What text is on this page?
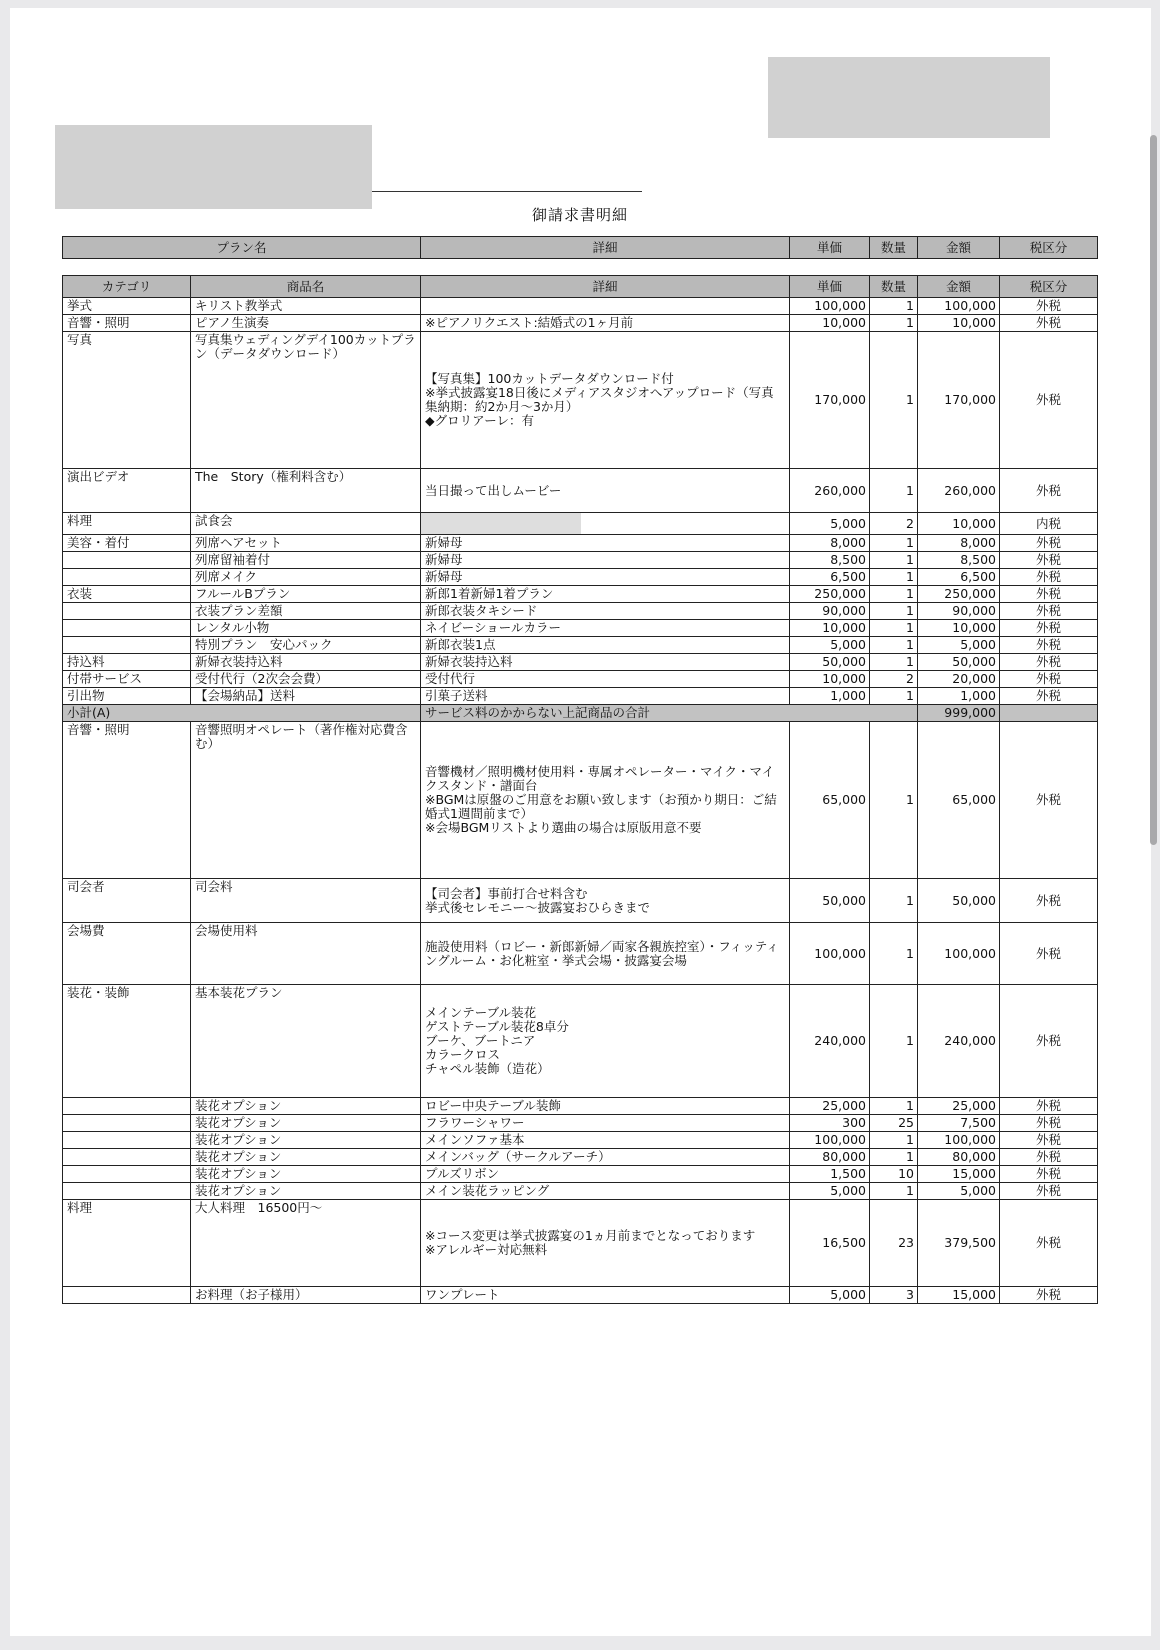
御請求書明細
プラン名	詳細	単価	数量	金額	税区分
カテゴリ	商品名	詳細	単価	数量	金額	税区分
挙式	キリスト教挙式		100,000	1	100,000	外税
音響・照明	ピアノ生演奏	※ピアノリクエスト:結婚式の1ヶ月前	10,000	1	10,000	外税
写真	写真集ウェディングデイ100カットプラン（データダウンロード）	【写真集】100カットデータダウンロード付
※挙式披露宴18日後にメディアスタジオへアップロード（写真集納期：約2か月〜3か月）
◆グロリアーレ：有	170,000	1	170,000	外税
演出ビデオ	The　Story（権利料含む）	当日撮って出しムービー	260,000	1	260,000	外税
料理	試食会		5,000	2	10,000	内税
美容・着付	列席ヘアセット	新婦母	8,000	1	8,000	外税
	列席留袖着付	新婦母	8,500	1	8,500	外税
	列席メイク	新婦母	6,500	1	6,500	外税
衣装	フルールBプラン	新郎1着新婦1着プラン	250,000	1	250,000	外税
	衣装プラン差額	新郎衣装タキシード	90,000	1	90,000	外税
	レンタル小物	ネイビーショールカラー	10,000	1	10,000	外税
	特別プラン　安心パック	新郎衣装1点	5,000	1	5,000	外税
持込料	新婦衣装持込料	新婦衣装持込料	50,000	1	50,000	外税
付帯サービス	受付代行（2次会会費）	受付代行	10,000	2	20,000	外税
引出物	【会場納品】送料	引菓子送料	1,000	1	1,000	外税
小計(A)		サービス料のかからない上記商品の合計			999,000	
音響・照明	音響照明オペレート（著作権対応費含む）	音響機材／照明機材使用料・専属オペレーター・マイク・マイクスタンド・譜面台
※BGMは原盤のご用意をお願い致します（お預かり期日：ご結婚式1週間前まで）
※会場BGMリストより選曲の場合は原版用意不要	65,000	1	65,000	外税
司会者	司会料	【司会者】事前打合せ料含む
挙式後セレモニー〜披露宴おひらきまで	50,000	1	50,000	外税
会場費	会場使用料	施設使用料（ロビー・新郎新婦／両家各親族控室）・フィッティングルーム・お化粧室・挙式会場・披露宴会場	100,000	1	100,000	外税
装花・装飾	基本装花プラン	メインテーブル装花
ゲストテーブル装花8卓分
ブーケ、ブートニア
カラークロス
チャペル装飾（造花）	240,000	1	240,000	外税
	装花オプション	ロビー中央テーブル装飾	25,000	1	25,000	外税
	装花オプション	フラワーシャワー	300	25	7,500	外税
	装花オプション	メインソファ基本	100,000	1	100,000	外税
	装花オプション	メインバッグ（サークルアーチ）	80,000	1	80,000	外税
	装花オプション	プルズリボン	1,500	10	15,000	外税
	装花オプション	メイン装花ラッピング	5,000	1	5,000	外税
料理	大人料理　16500円〜	※コース変更は挙式披露宴の1ヵ月前までとなっております
※アレルギー対応無料	16,500	23	379,500	外税
	お料理（お子様用）	ワンプレート	5,000	3	15,000	外税
